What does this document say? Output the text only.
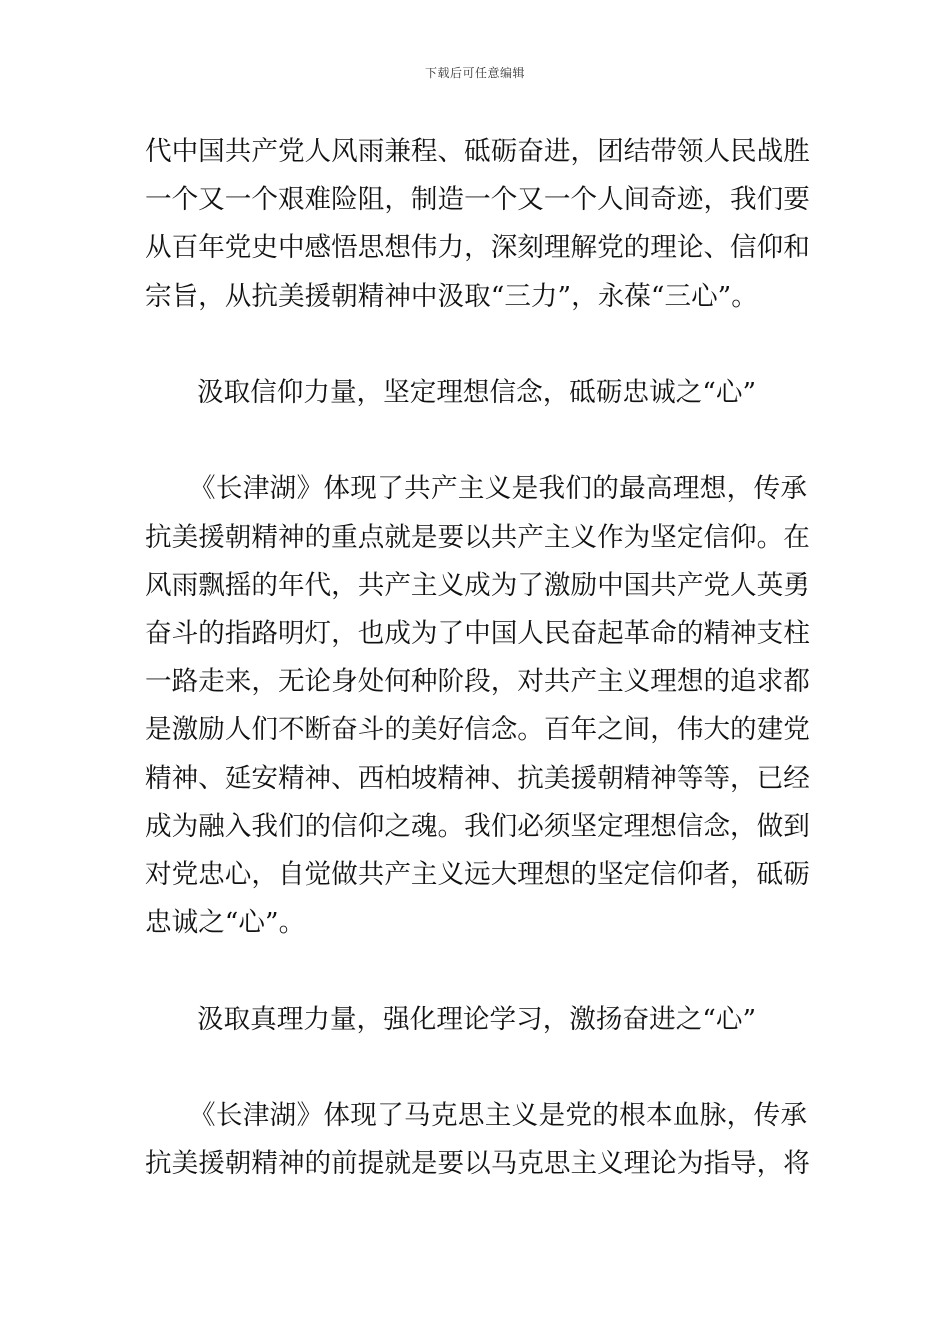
下载后可任意编辑
代中国共产党人风雨兼程、砥砺奋进，团结带领人民战胜
一个又一个艰难险阻，制造一个又一个人间奇迹，我们要
从百年党史中感悟思想伟力，深刻理解党的理论、信仰和
宗旨，从抗美援朝精神中汲取“三力”，永葆“三心”。
汲取信仰力量，坚定理想信念，砥砺忠诚之“心”
《长津湖》体现了共产主义是我们的最高理想，传承
抗美援朝精神的重点就是要以共产主义作为坚定信仰。在
风雨飘摇的年代，共产主义成为了激励中国共产党人英勇
奋斗的指路明灯，也成为了中国人民奋起革命的精神支柱
一路走来，无论身处何种阶段，对共产主义理想的追求都
是激励人们不断奋斗的美好信念。百年之间，伟大的建党
精神、延安精神、西柏坡精神、抗美援朝精神等等，已经
成为融入我们的信仰之魂。我们必须坚定理想信念，做到
对党忠心，自觉做共产主义远大理想的坚定信仰者，砥砺
忠诚之“心”。
汲取真理力量，强化理论学习，激扬奋进之“心”
《长津湖》体现了马克思主义是党的根本血脉，传承
抗美援朝精神的前提就是要以马克思主义理论为指导，将
